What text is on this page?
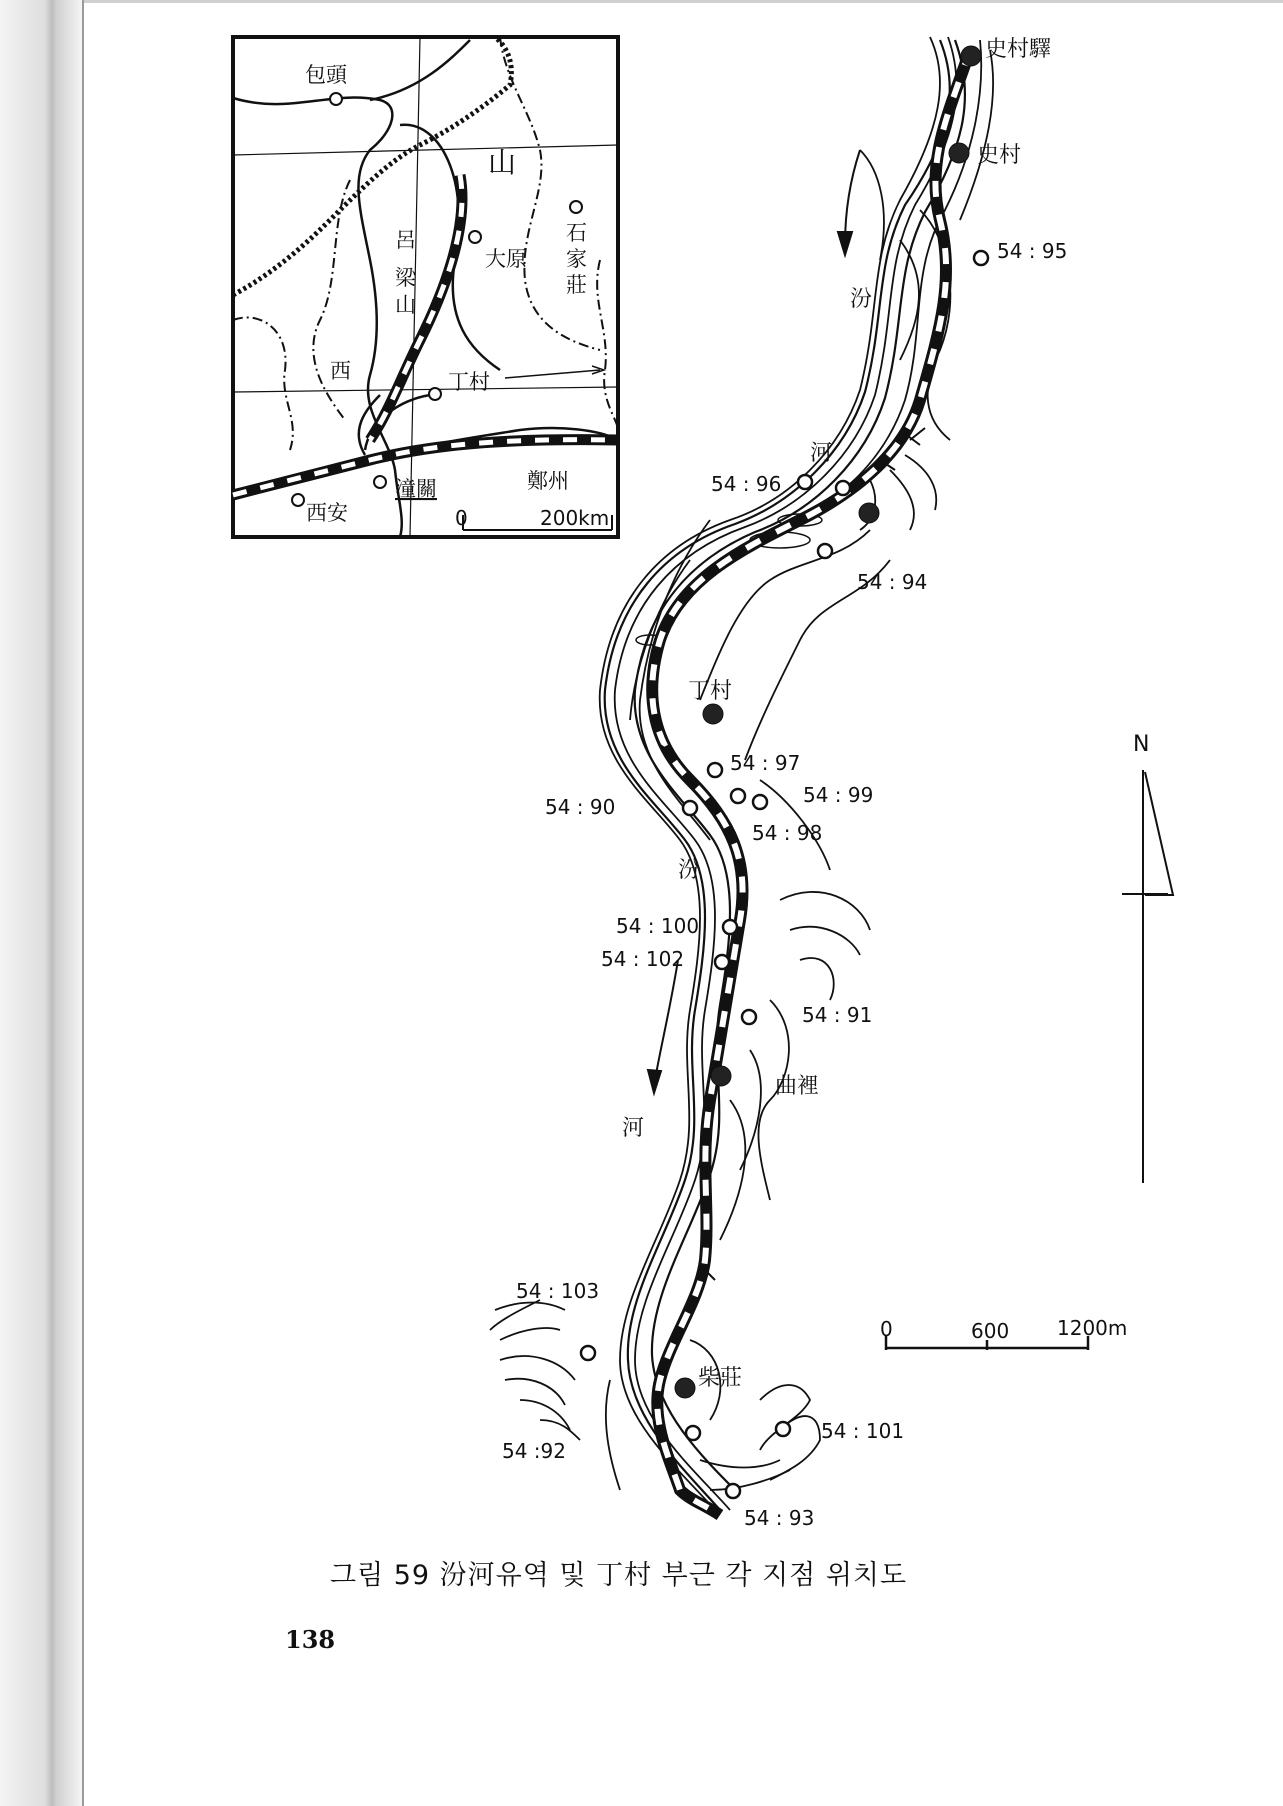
包頭
山
石
家
莊
呂
梁
山
大原
西	丁村
潼關	鄭州
西安	0	200km
史村驛
史村
丁村
曲裡
柴莊
汾
河
汾
河
54 : 95
54 : 96
54 : 94
54 : 97
54 : 99
54 : 90
54 : 98
54 : 100
54 : 102
54 : 91
54 : 103
54 : 101
54 :92
54 : 93
N
0	600 1200m
그림 59 汾河유역 및 丁村 부근 각 지점 위치도
138
